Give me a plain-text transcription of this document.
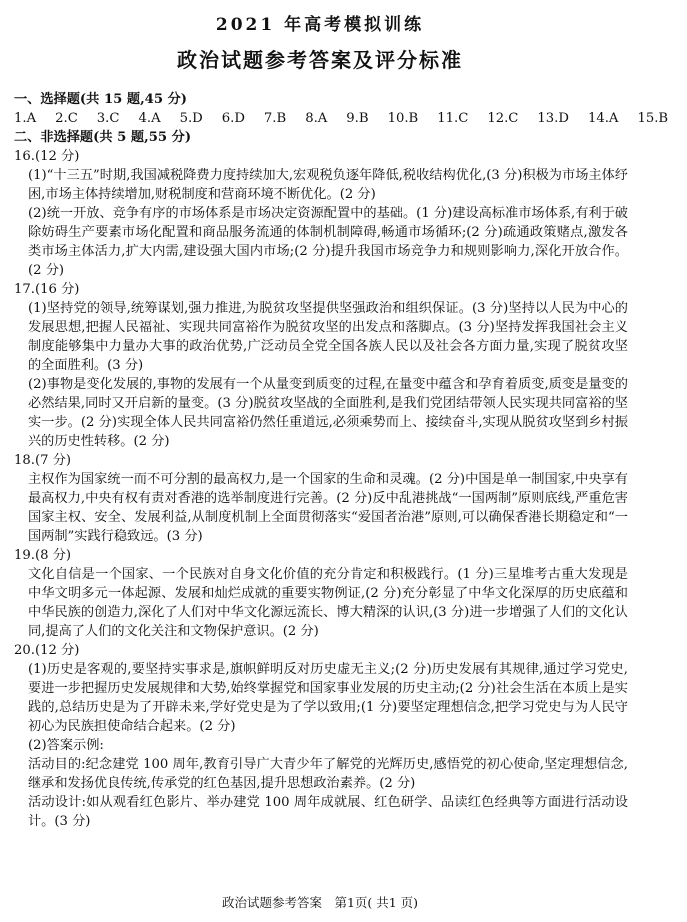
2021 年高考模拟训练
政治试题参考答案及评分标准

一、选择题(共 15 题,45 分)

1.A 2.C 3.C 4.A 5.D 6.D 7.B 8.A 9.B 10.B 11.C 12.C 13.D 14.A 15.B

二、非选择题(共 5 题,55 分)

16.(12 分)

(1)“十三五”时期,我国减税降费力度持续加大,宏观税负逐年降低,税收结构优化,(3 分)积极为市场主体纾困,市场主体持续增加,财税制度和营商环境不断优化。(2 分)

(2)统一开放、竞争有序的市场体系是市场决定资源配置中的基础。(1 分)建设高标准市场体系,有利于破除妨碍生产要素市场化配置和商品服务流通的体制机制障碍,畅通市场循环;(2 分)疏通政策赌点,激发各类市场主体活力,扩大内需,建设强大国内市场;(2 分)提升我国市场竞争力和规则影响力,深化开放合作。(2 分)

17.(16 分)

(1)坚持党的领导,统筹谋划,强力推进,为脱贫攻坚提供坚强政治和组织保证。(3 分)坚持以人民为中心的发展思想,把握人民福祉、实现共同富裕作为脱贫攻坚的出发点和落脚点。(3 分)坚持发挥我国社会主义制度能够集中力量办大事的政治优势,广泛动员全党全国各族人民以及社会各方面力量,实现了脱贫攻坚的全面胜利。(3 分)

(2)事物是变化发展的,事物的发展有一个从量变到质变的过程,在量变中蕴含和孕育着质变,质变是量变的必然结果,同时又开启新的量变。(3 分)脱贫攻坚战的全面胜利,是我们党团结带领人民实现共同富裕的坚实一步。(2 分)实现全体人民共同富裕仍然任重道远,必须乘势而上、接续奋斗,实现从脱贫攻坚到乡村振兴的历史性转移。(2 分)

18.(7 分)

主权作为国家统一而不可分割的最高权力,是一个国家的生命和灵魂。(2 分)中国是单一制国家,中央享有最高权力,中央有权有责对香港的选举制度进行完善。(2 分)反中乱港挑战“一国两制”原则底线,严重危害国家主权、安全、发展利益,从制度机制上全面贯彻落实“爱国者治港”原则,可以确保香港长期稳定和“一国两制”实践行稳致远。(3 分)

19.(8 分)

文化自信是一个国家、一个民族对自身文化价值的充分肯定和积极践行。(1 分)三星堆考古重大发现是中华文明多元一体起源、发展和灿烂成就的重要实物例证,(2 分)充分彰显了中华文化深厚的历史底蕴和中华民族的创造力,深化了人们对中华文化源远流长、博大精深的认识,(3 分)进一步增强了人们的文化认同,提高了人们的文化关注和文物保护意识。(2 分)

20.(12 分)

(1)历史是客观的,要坚持实事求是,旗帜鲜明反对历史虚无主义;(2 分)历史发展有其规律,通过学习党史,要进一步把握历史发展规律和大势,始终掌握党和国家事业发展的历史主动;(2 分)社会生活在本质上是实践的,总结历史是为了开辟未来,学好党史是为了学以致用;(1 分)要坚定理想信念,把学习党史与为人民守初心为民族担使命结合起来。(2 分)

(2)答案示例:

活动目的:纪念建党 100 周年,教育引导广大青少年了解党的光辉历史,感悟党的初心使命,坚定理想信念,继承和发扬优良传统,传承党的红色基因,提升思想政治素养。(2 分)

活动设计:如从观看红色影片、举办建党 100 周年成就展、红色研学、品读红色经典等方面进行活动设计。(3 分)

政治试题参考答案　第1页( 共1 页)
